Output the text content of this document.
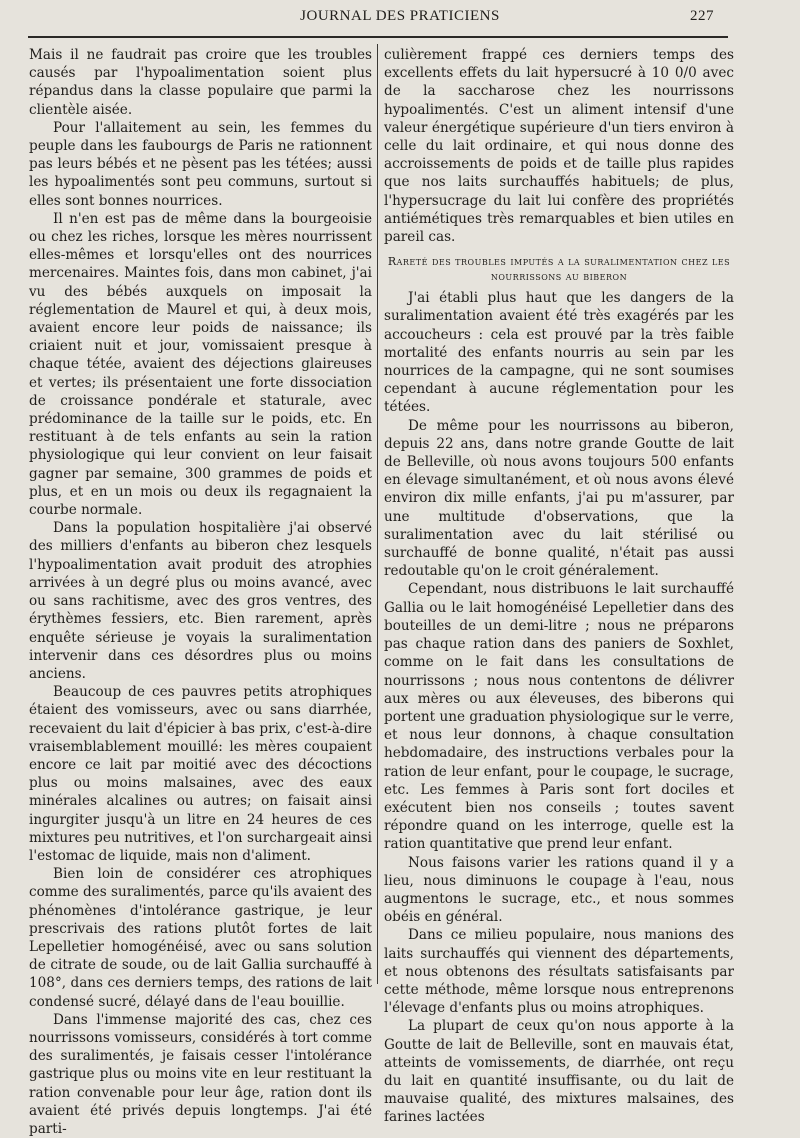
JOURNAL DES PRATICIENS	227

Mais il ne faudrait pas croire que les troubles causés par l'hypoalimentation soient plus répandus dans la classe populaire que parmi la clientèle aisée.

Pour l'allaitement au sein, les femmes du peuple dans les faubourgs de Paris ne rationnent pas leurs bébés et ne pèsent pas les tétées; aussi les hypoalimentés sont peu communs, surtout si elles sont bonnes nourrices.

Il n'en est pas de même dans la bourgeoisie ou chez les riches, lorsque les mères nourrissent elles-mêmes et lorsqu'elles ont des nourrices mercenaires. Maintes fois, dans mon cabinet, j'ai vu des bébés auxquels on imposait la réglementation de Maurel et qui, à deux mois, avaient encore leur poids de naissance; ils criaient nuit et jour, vomissaient presque à chaque tétée, avaient des déjections glaireuses et vertes; ils présentaient une forte dissociation de croissance pondérale et staturale, avec prédominance de la taille sur le poids, etc. En restituant à de tels enfants au sein la ration physiologique qui leur convient on leur faisait gagner par semaine, 300 grammes de poids et plus, et en un mois ou deux ils regagnaient la courbe normale.

Dans la population hospitalière j'ai observé des milliers d'enfants au biberon chez lesquels l'hypoalimentation avait produit des atrophies arrivées à un degré plus ou moins avancé, avec ou sans rachitisme, avec des gros ventres, des érythèmes fessiers, etc. Bien rarement, après enquête sérieuse je voyais la suralimentation intervenir dans ces désordres plus ou moins anciens.

Beaucoup de ces pauvres petits atrophiques étaient des vomisseurs, avec ou sans diarrhée, recevaient du lait d'épicier à bas prix, c'est-à-dire vraisemblablement mouillé: les mères coupaient encore ce lait par moitié avec des décoctions plus ou moins malsaines, avec des eaux minérales alcalines ou autres; on faisait ainsi ingurgiter jusqu'à un litre en 24 heures de ces mixtures peu nutritives, et l'on surchargeait ainsi l'estomac de liquide, mais non d'aliment.

Bien loin de considérer ces atrophiques comme des suralimentés, parce qu'ils avaient des phénomènes d'intolérance gastrique, je leur prescrivais des rations plutôt fortes de lait Lepelletier homogénéisé, avec ou sans solution de citrate de soude, ou de lait Gallia surchauffé à 108°, dans ces derniers temps, des rations de lait condensé sucré, délayé dans de l'eau bouillie.

Dans l'immense majorité des cas, chez ces nourrissons vomisseurs, considérés à tort comme des suralimentés, je faisais cesser l'intolérance gastrique plus ou moins vite en leur restituant la ration convenable pour leur âge, ration dont ils avaient été privés depuis longtemps. J'ai été parti-

culièrement frappé ces derniers temps des excellents effets du lait hypersucré à 10 0/0 avec de la saccharose chez les nourrissons hypoalimentés. C'est un aliment intensif d'une valeur énergétique supérieure d'un tiers environ à celle du lait ordinaire, et qui nous donne des accroissements de poids et de taille plus rapides que nos laits surchauffés habituels; de plus, l'hypersucrage du lait lui confère des propriétés antiémétiques très remarquables et bien utiles en pareil cas.

Rareté des troubles imputés a la suralimentation chez les nourrissons au biberon

J'ai établi plus haut que les dangers de la suralimentation avaient été très exagérés par les accoucheurs : cela est prouvé par la très faible mortalité des enfants nourris au sein par les nourrices de la campagne, qui ne sont soumises cependant à aucune réglementation pour les tétées.

De même pour les nourrissons au biberon, depuis 22 ans, dans notre grande Goutte de lait de Belleville, où nous avons toujours 500 enfants en élevage simultanément, et où nous avons élevé environ dix mille enfants, j'ai pu m'assurer, par une multitude d'observations, que la suralimentation avec du lait stérilisé ou surchauffé de bonne qualité, n'était pas aussi redoutable qu'on le croit généralement.

Cependant, nous distribuons le lait surchauffé Gallia ou le lait homogénéisé Lepelletier dans des bouteilles de un demi-litre ; nous ne préparons pas chaque ration dans des paniers de Soxhlet, comme on le fait dans les consultations de nourrissons ; nous nous contentons de délivrer aux mères ou aux éleveuses, des biberons qui portent une graduation physiologique sur le verre, et nous leur donnons, à chaque consultation hebdomadaire, des instructions verbales pour la ration de leur enfant, pour le coupage, le sucrage, etc. Les femmes à Paris sont fort dociles et exécutent bien nos conseils ; toutes savent répondre quand on les interroge, quelle est la ration quantitative que prend leur enfant.

Nous faisons varier les rations quand il y a lieu, nous diminuons le coupage à l'eau, nous augmentons le sucrage, etc., et nous sommes obéis en général.

Dans ce milieu populaire, nous manions des laits surchauffés qui viennent des départements, et nous obtenons des résultats satisfaisants par cette méthode, même lorsque nous entreprenons l'élevage d'enfants plus ou moins atrophiques.

La plupart de ceux qu'on nous apporte à la Goutte de lait de Belleville, sont en mauvais état, atteints de vomissements, de diarrhée, ont reçu du lait en quantité insuffisante, ou du lait de mauvaise qualité, des mixtures malsaines, des farines lactées
